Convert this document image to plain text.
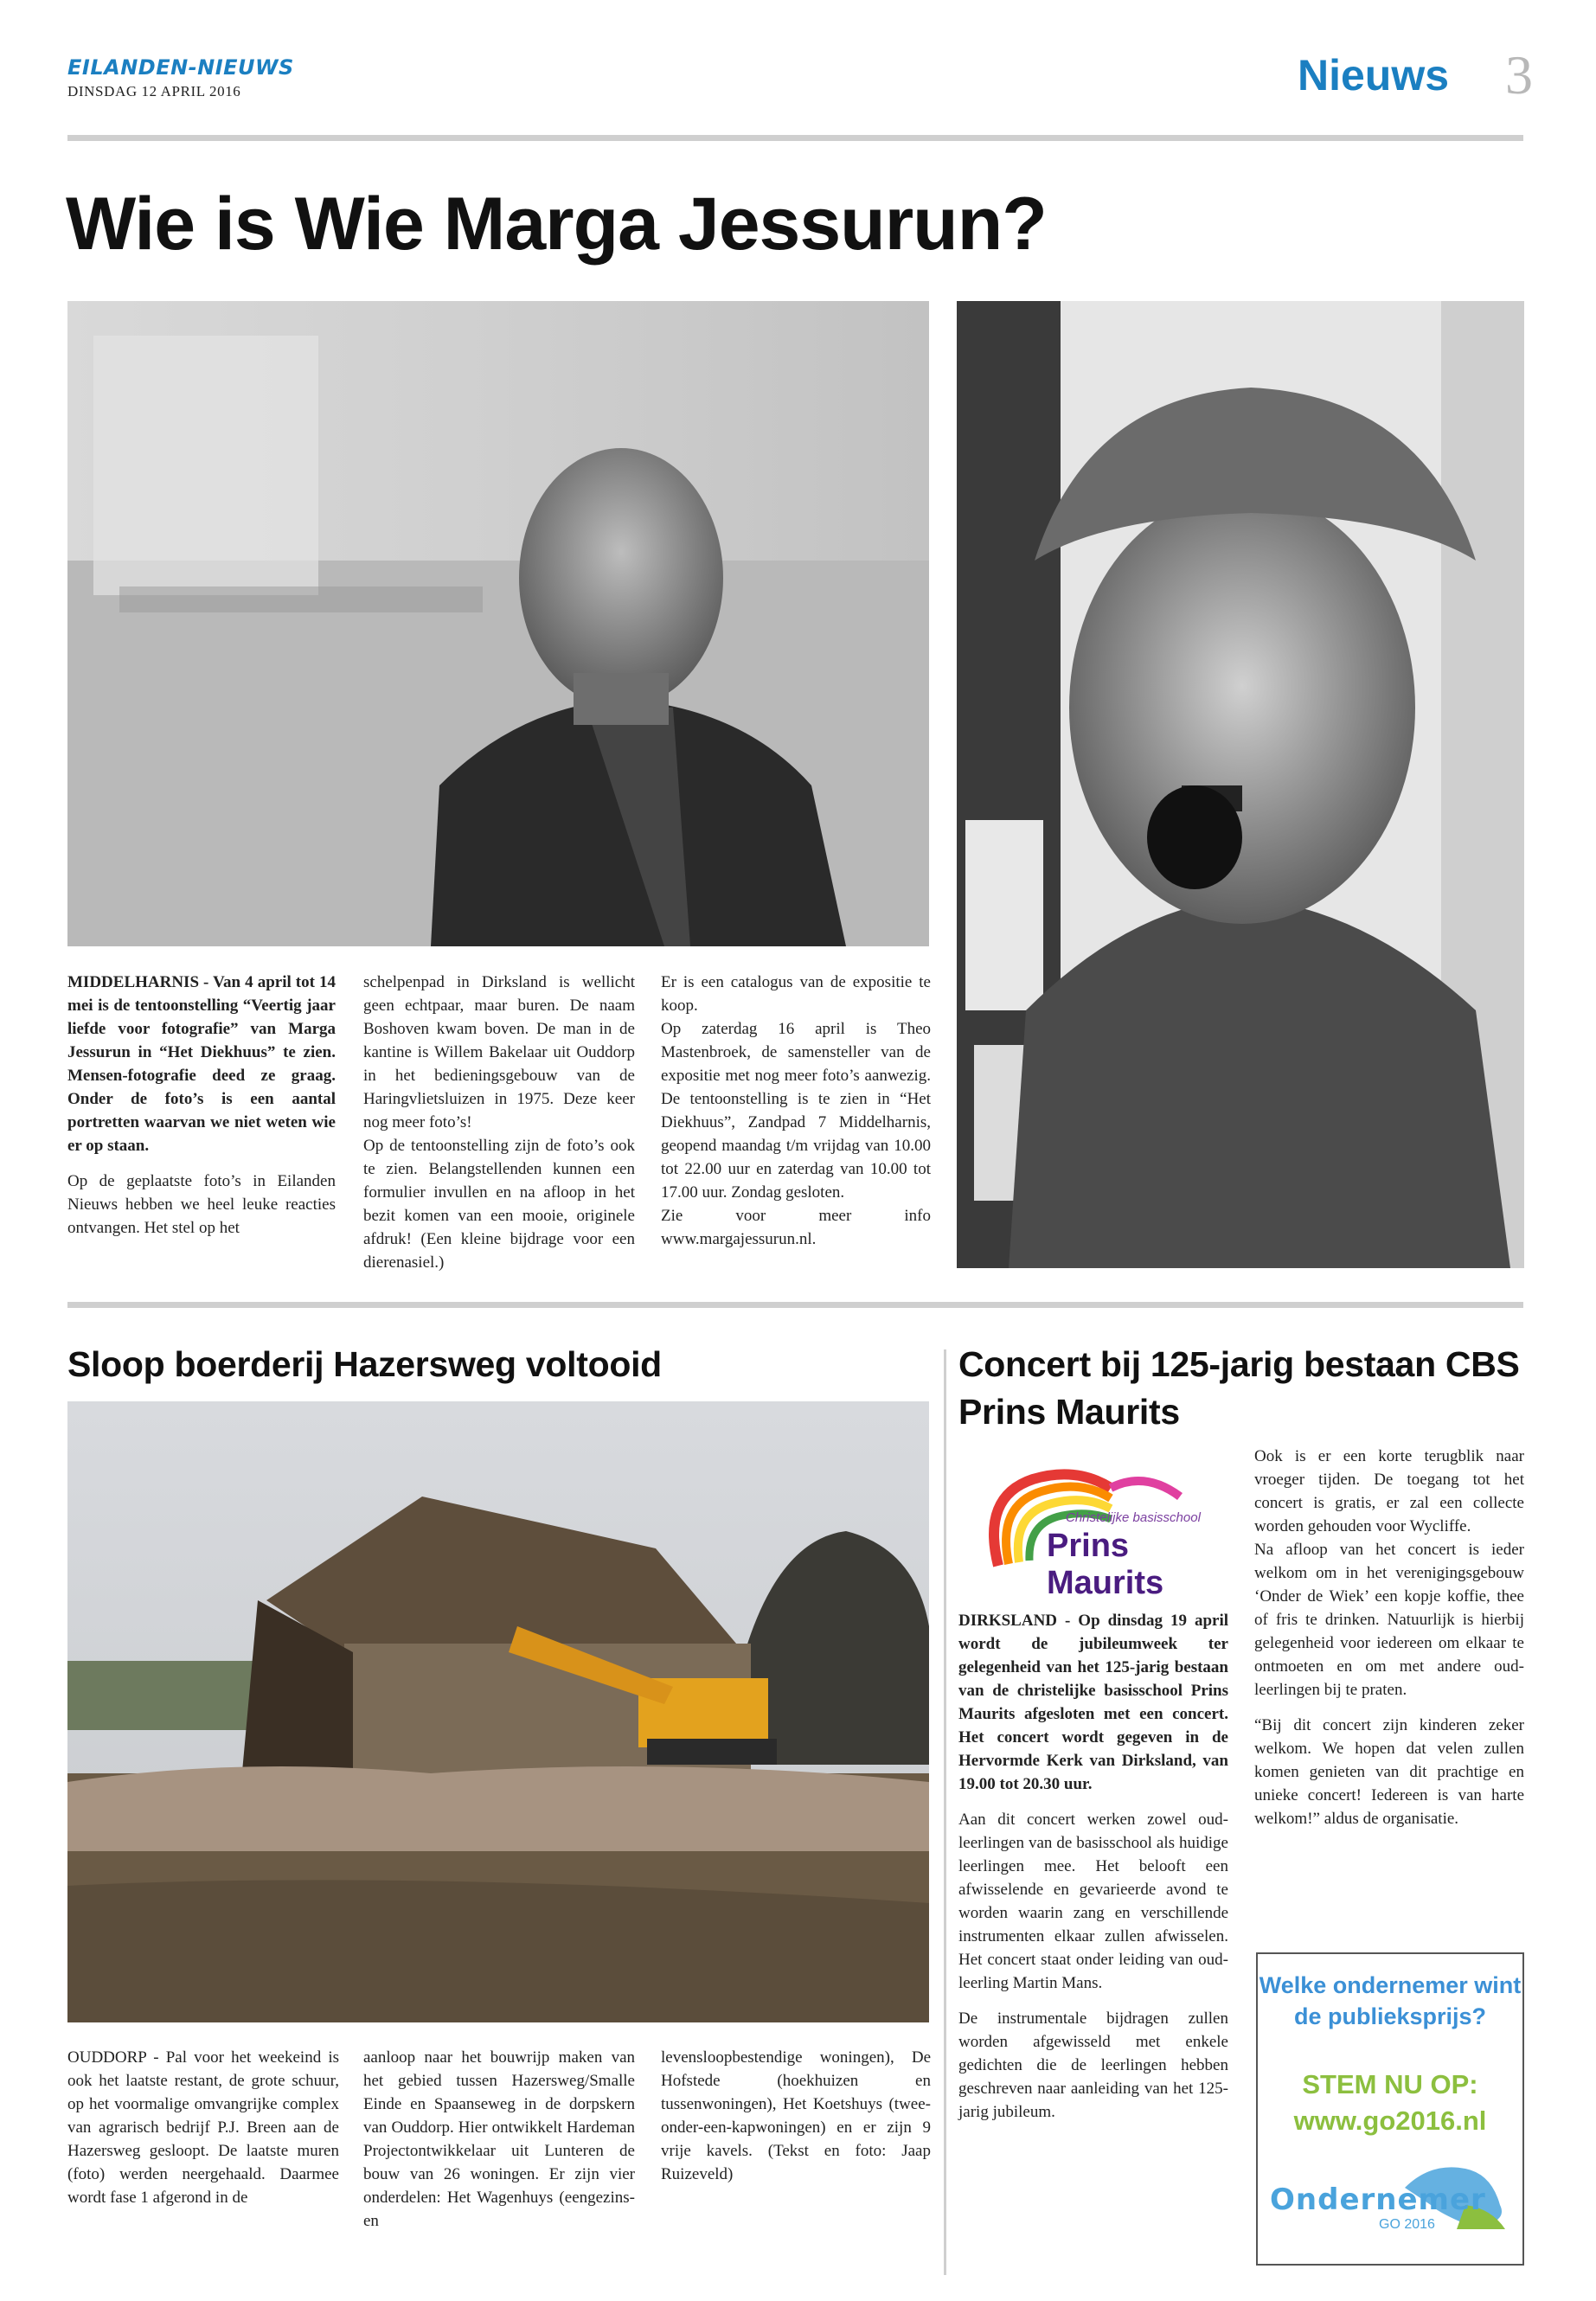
EILANDEN-NIEUWS
DINSDAG 12 APRIL 2016	Nieuws 3
Wie is Wie Marga Jessurun?

MIDDELHARNIS - Van 4 april tot 14 mei is de tentoonstelling “Veertig jaar liefde voor fotografie” van Marga Jessurun in “Het Diekhuus” te zien. Mensen-fotografie deed ze graag. Onder de foto’s is een aantal portretten waarvan we niet weten wie er op staan.

Op de geplaatste foto’s in Eilanden Nieuws hebben we heel leuke reacties ontvangen. Het stel op het

schelpenpad in Dirksland is wellicht geen echtpaar, maar buren. De naam Boshoven kwam boven. De man in de kantine is Willem Bakelaar uit Ouddorp in het bedieningsgebouw van de Haringvlietsluizen in 1975. Deze keer nog meer foto’s!

Op de tentoonstelling zijn de foto’s ook te zien. Belangstellenden kunnen een formulier invullen en na afloop in het bezit komen van een mooie, originele afdruk! (Een kleine bijdrage voor een dierenasiel.)

Er is een catalogus van de expositie te koop.

Op zaterdag 16 april is Theo Mastenbroek, de samensteller van de expositie met nog meer foto’s aanwezig. De tentoonstelling is te zien in “Het Diekhuus”, Zandpad 7 Middelharnis, geopend maandag t/m vrijdag van 10.00 tot 22.00 uur en zaterdag van 10.00 tot 17.00 uur. Zondag gesloten.

Zie voor meer info www.margajessurun.nl.

Sloop boerderij Hazersweg voltooid

OUDDORP - Pal voor het weekeind is ook het laatste restant, de grote schuur, op het voormalige omvangrijke complex van agrarisch bedrijf P.J. Breen aan de Hazersweg gesloopt. De laatste muren (foto) werden neergehaald. Daarmee wordt fase 1 afgerond in de

aanloop naar het bouwrijp maken van het gebied tussen Hazersweg/Smalle Einde en Spaanseweg in de dorpskern van Ouddorp. Hier ontwikkelt Hardeman Projectontwikkelaar uit Lunteren de bouw van 26 woningen. Er zijn vier onderdelen: Het Wagenhuys (eengezins- en

levensloopbestendige woningen), De Hofstede (hoekhuizen en tussenwoningen), Het Koetshuys (twee-onder-een-kapwoningen) en er zijn 9 vrije kavels. (Tekst en foto: Jaap Ruizeveld)

Concert bij 125-jarig bestaan CBS Prins Maurits
Christelijke basisschool
Prins Maurits

DIRKSLAND - Op dinsdag 19 april wordt de jubileumweek ter gelegenheid van het 125-jarig bestaan van de christelijke basisschool Prins Maurits afgesloten met een concert. Het concert wordt gegeven in de Hervormde Kerk van Dirksland, van 19.00 tot 20.30 uur.

Aan dit concert werken zowel oud-leerlingen van de basisschool als huidige leerlingen mee. Het belooft een afwisselende en gevarieerde avond te worden waarin zang en verschillende instrumenten elkaar zullen afwisselen. Het concert staat onder leiding van oud-leerling Martin Mans.

De instrumentale bijdragen zullen worden afgewisseld met enkele gedichten die de leerlingen hebben geschreven naar aanleiding van het 125-jarig jubileum.

Ook is er een korte terugblik naar vroeger tijden. De toegang tot het concert is gratis, er zal een collecte worden gehouden voor Wycliffe.

Na afloop van het concert is ieder welkom om in het verenigingsgebouw ‘Onder de Wiek’ een kopje koffie, thee of fris te drinken. Natuurlijk is hierbij gelegenheid voor iedereen om elkaar te ontmoeten en om met andere oud-leerlingen bij te praten.

“Bij dit concert zijn kinderen zeker welkom. We hopen dat velen zullen komen genieten van dit prachtige en unieke concert! Iedereen is van harte welkom!” aldus de organisatie.

Welke ondernemer wint de publieksprijs?
STEM NU OP:
www.go2016.nl
Ondernemer
GO 2016
